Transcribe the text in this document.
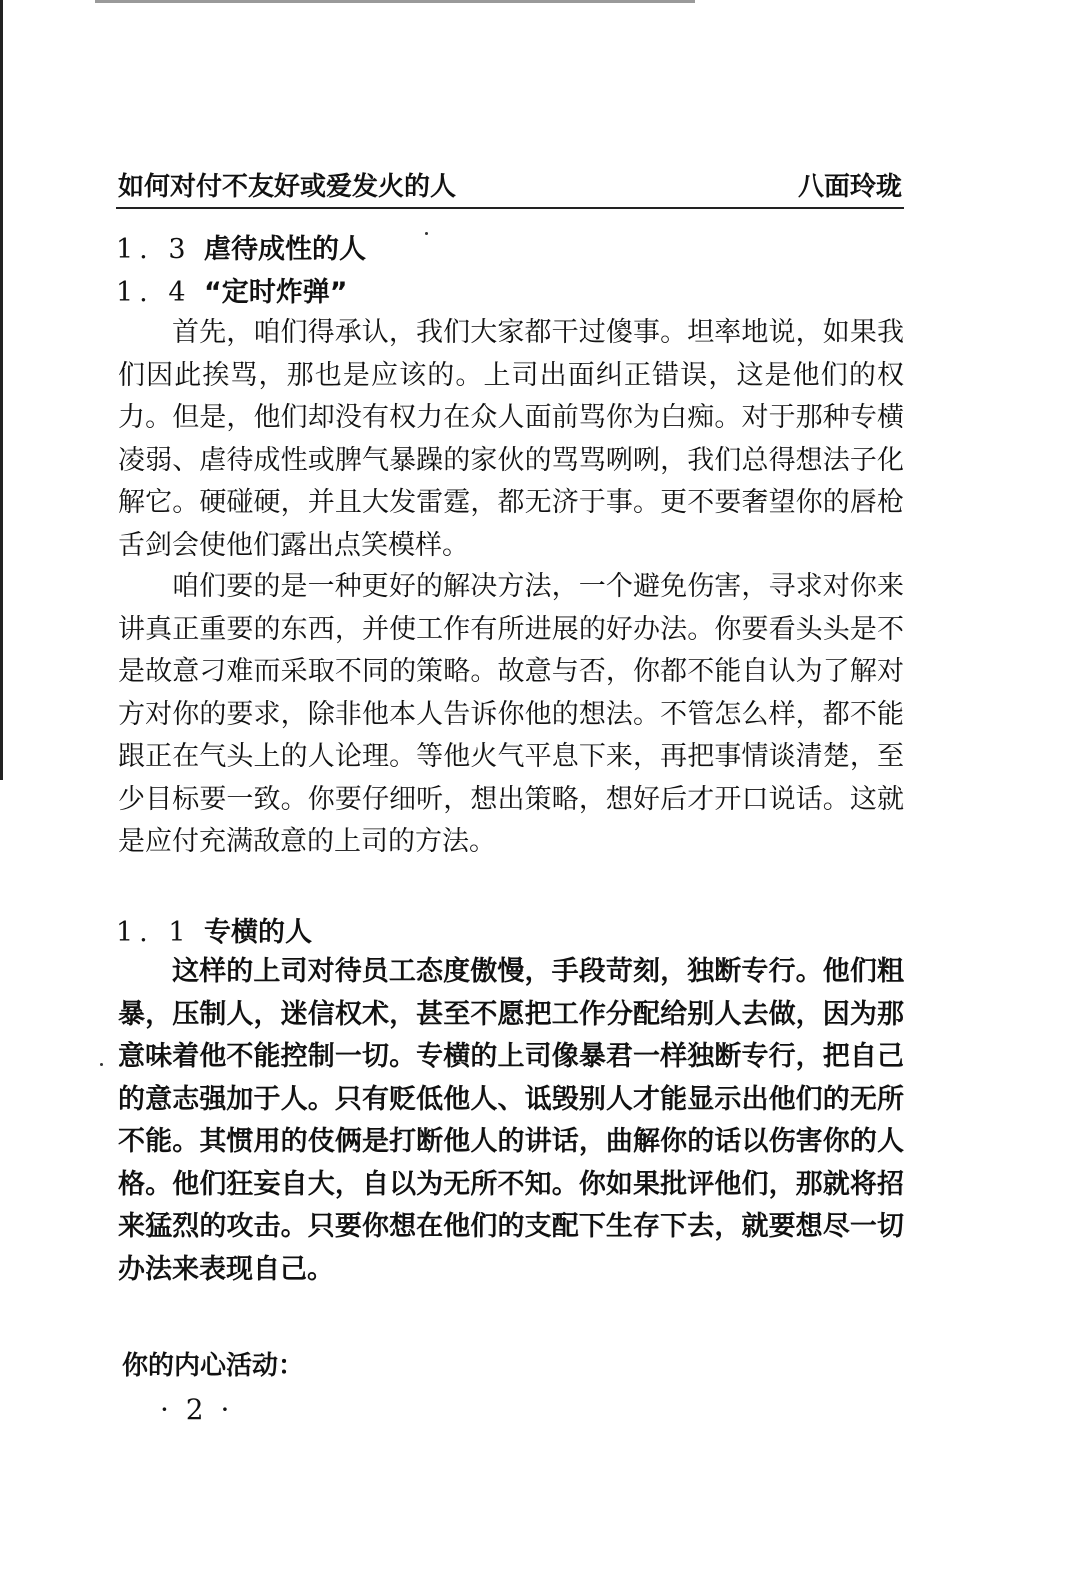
如何对付不友好或爱发火的人	八面玲珑
1. 3 虐待成性的人
1. 4 “定时炸弹”

首先，咱们得承认，我们大家都干过傻事。坦率地说，如果我们因此挨骂，那也是应该的。上司出面纠正错误，这是他们的权力。但是，他们却没有权力在众人面前骂你为白痴。对于那种专横凌弱、虐待成性或脾气暴躁的家伙的骂骂咧咧，我们总得想法子化解它。硬碰硬，并且大发雷霆，都无济于事。更不要奢望你的唇枪舌剑会使他们露出点笑模样。

咱们要的是一种更好的解决方法，一个避免伤害，寻求对你来讲真正重要的东西，并使工作有所进展的好办法。你要看头头是不是故意刁难而采取不同的策略。故意与否，你都不能自认为了解对方对你的要求，除非他本人告诉你他的想法。不管怎么样，都不能跟正在气头上的人论理。等他火气平息下来，再把事情谈清楚，至少目标要一致。你要仔细听，想出策略，想好后才开口说话。这就是应付充满敌意的上司的方法。

1. 1 专横的人

这样的上司对待员工态度傲慢，手段苛刻，独断专行。他们粗暴，压制人，迷信权术，甚至不愿把工作分配给别人去做，因为那意味着他不能控制一切。专横的上司像暴君一样独断专行，把自己的意志强加于人。只有贬低他人、诋毁别人才能显示出他们的无所不能。其惯用的伎俩是打断他人的讲话，曲解你的话以伤害你的人格。他们狂妄自大，自以为无所不知。你如果批评他们，那就将招来猛烈的攻击。只要你想在他们的支配下生存下去，就要想尽一切办法来表现自己。

你的内心活动：
· 2 ·
